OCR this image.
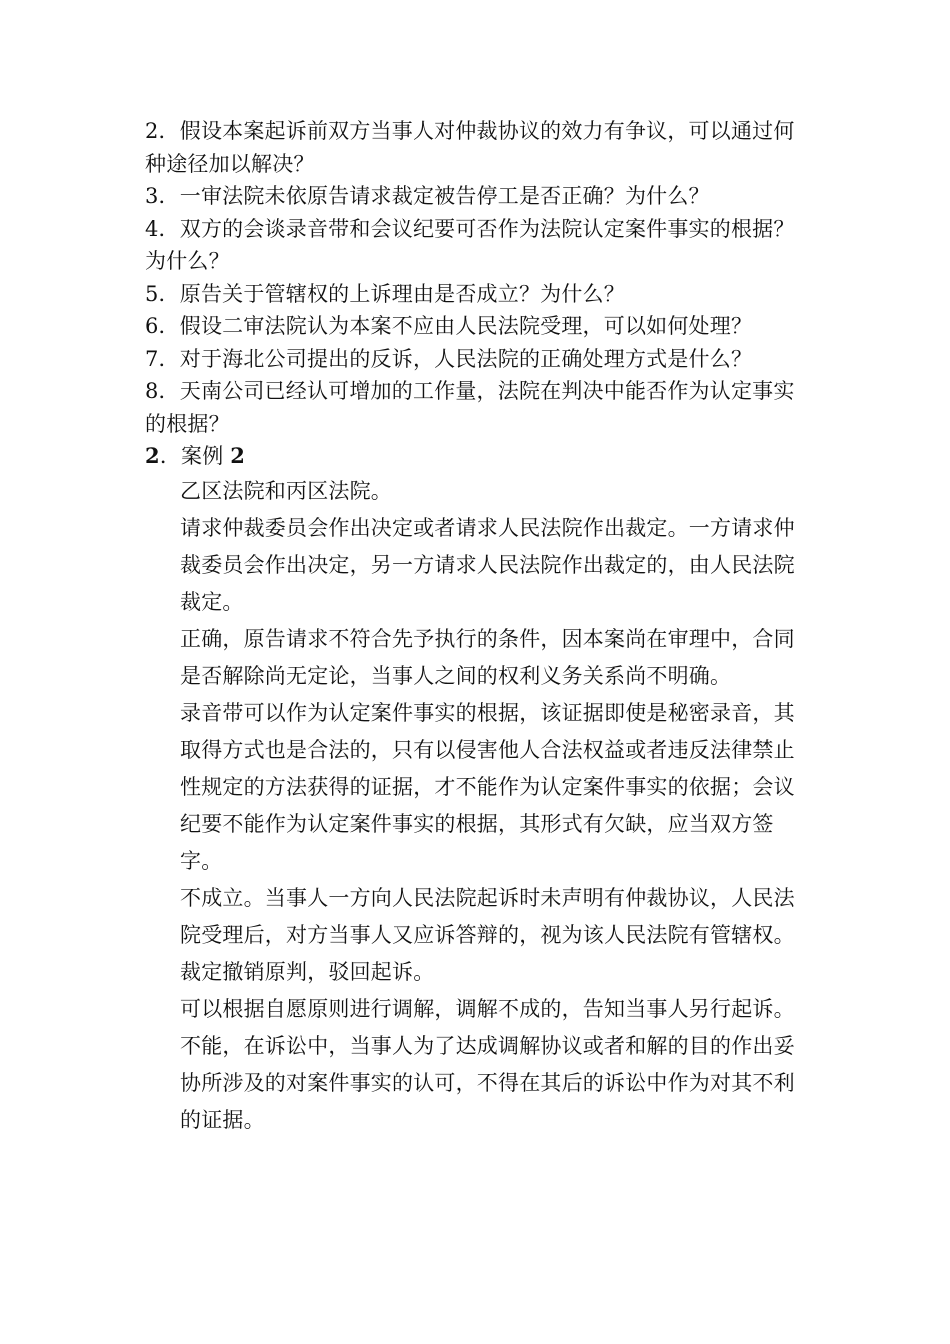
2．假设本案起诉前双方当事人对仲裁协议的效力有争议，可以通过何种途径加以解决？

3．一审法院未依原告请求裁定被告停工是否正确？为什么？

4．双方的会谈录音带和会议纪要可否作为法院认定案件事实的根据？为什么？

5．原告关于管辖权的上诉理由是否成立？为什么？

6．假设二审法院认为本案不应由人民法院受理，可以如何处理？

7．对于海北公司提出的反诉，人民法院的正确处理方式是什么？

8．天南公司已经认可增加的工作量，法院在判决中能否作为认定事实的根据？

2．案例 2

乙区法院和丙区法院。

请求仲裁委员会作出决定或者请求人民法院作出裁定。一方请求仲裁委员会作出决定，另一方请求人民法院作出裁定的，由人民法院裁定。

正确，原告请求不符合先予执行的条件，因本案尚在审理中，合同是否解除尚无定论，当事人之间的权利义务关系尚不明确。

录音带可以作为认定案件事实的根据，该证据即使是秘密录音，其取得方式也是合法的，只有以侵害他人合法权益或者违反法律禁止性规定的方法获得的证据，才不能作为认定案件事实的依据；会议纪要不能作为认定案件事实的根据，其形式有欠缺，应当双方签字。

不成立。当事人一方向人民法院起诉时未声明有仲裁协议，人民法院受理后，对方当事人又应诉答辩的，视为该人民法院有管辖权。

裁定撤销原判，驳回起诉。

可以根据自愿原则进行调解，调解不成的，告知当事人另行起诉。

不能，在诉讼中，当事人为了达成调解协议或者和解的目的作出妥协所涉及的对案件事实的认可，不得在其后的诉讼中作为对其不利的证据。
